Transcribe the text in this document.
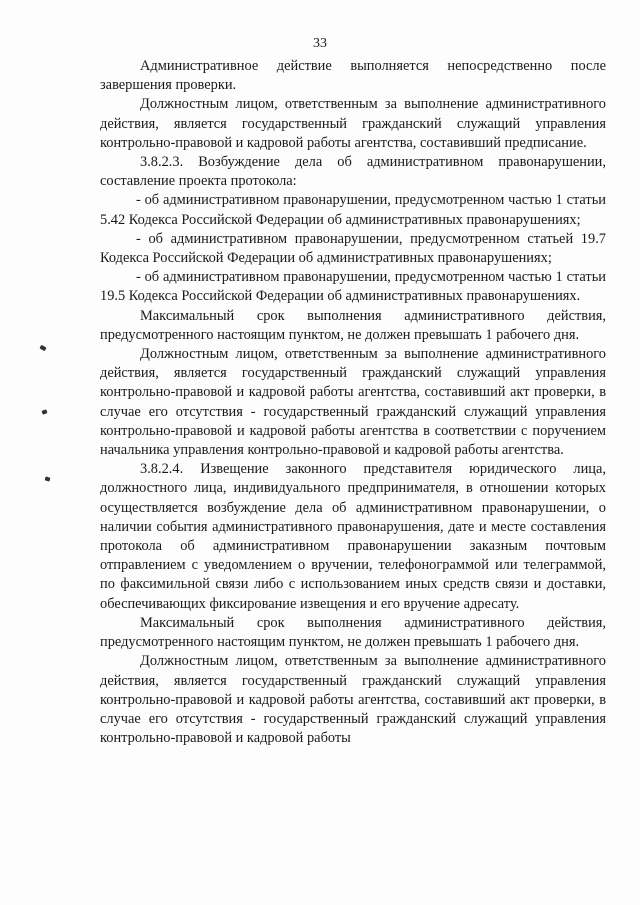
33

Административное действие выполняется непосредственно после завершения проверки.

Должностным лицом, ответственным за выполнение административного действия, является государственный гражданский служащий управления контрольно-правовой и кадровой работы агентства, составивший предписание.

3.8.2.3. Возбуждение дела об административном правонарушении, составление проекта протокола:

- об административном правонарушении, предусмотренном частью 1 статьи 5.42 Кодекса Российской Федерации об административных правонарушениях;

- об административном правонарушении, предусмотренном статьей 19.7 Кодекса Российской Федерации об административных правонарушениях;

- об административном правонарушении, предусмотренном частью 1 статьи 19.5 Кодекса Российской Федерации об административных правонарушениях.

Максимальный срок выполнения административного действия, предусмотренного настоящим пунктом, не должен превышать 1 рабочего дня.

Должностным лицом, ответственным за выполнение административного действия, является государственный гражданский служащий управления контрольно-правовой и кадровой работы агентства, составивший акт проверки, в случае его отсутствия - государственный гражданский служащий управления контрольно-правовой и кадровой работы агентства в соответствии с поручением начальника управления контрольно-правовой и кадровой работы агентства.

3.8.2.4. Извещение законного представителя юридического лица, должностного лица, индивидуального предпринимателя, в отношении которых осуществляется возбуждение дела об административном правонарушении, о наличии события административного правонарушения, дате и месте составления протокола об административном правонарушении заказным почтовым отправлением с уведомлением о вручении, телефонограммой или телеграммой, по факсимильной связи либо с использованием иных средств связи и доставки, обеспечивающих фиксирование извещения и его вручение адресату.

Максимальный срок выполнения административного действия, предусмотренного настоящим пунктом, не должен превышать 1 рабочего дня.

Должностным лицом, ответственным за выполнение административного действия, является государственный гражданский служащий управления контрольно-правовой и кадровой работы агентства, составивший акт проверки, в случае его отсутствия - государственный гражданский служащий управления контрольно-правовой и кадровой работы
